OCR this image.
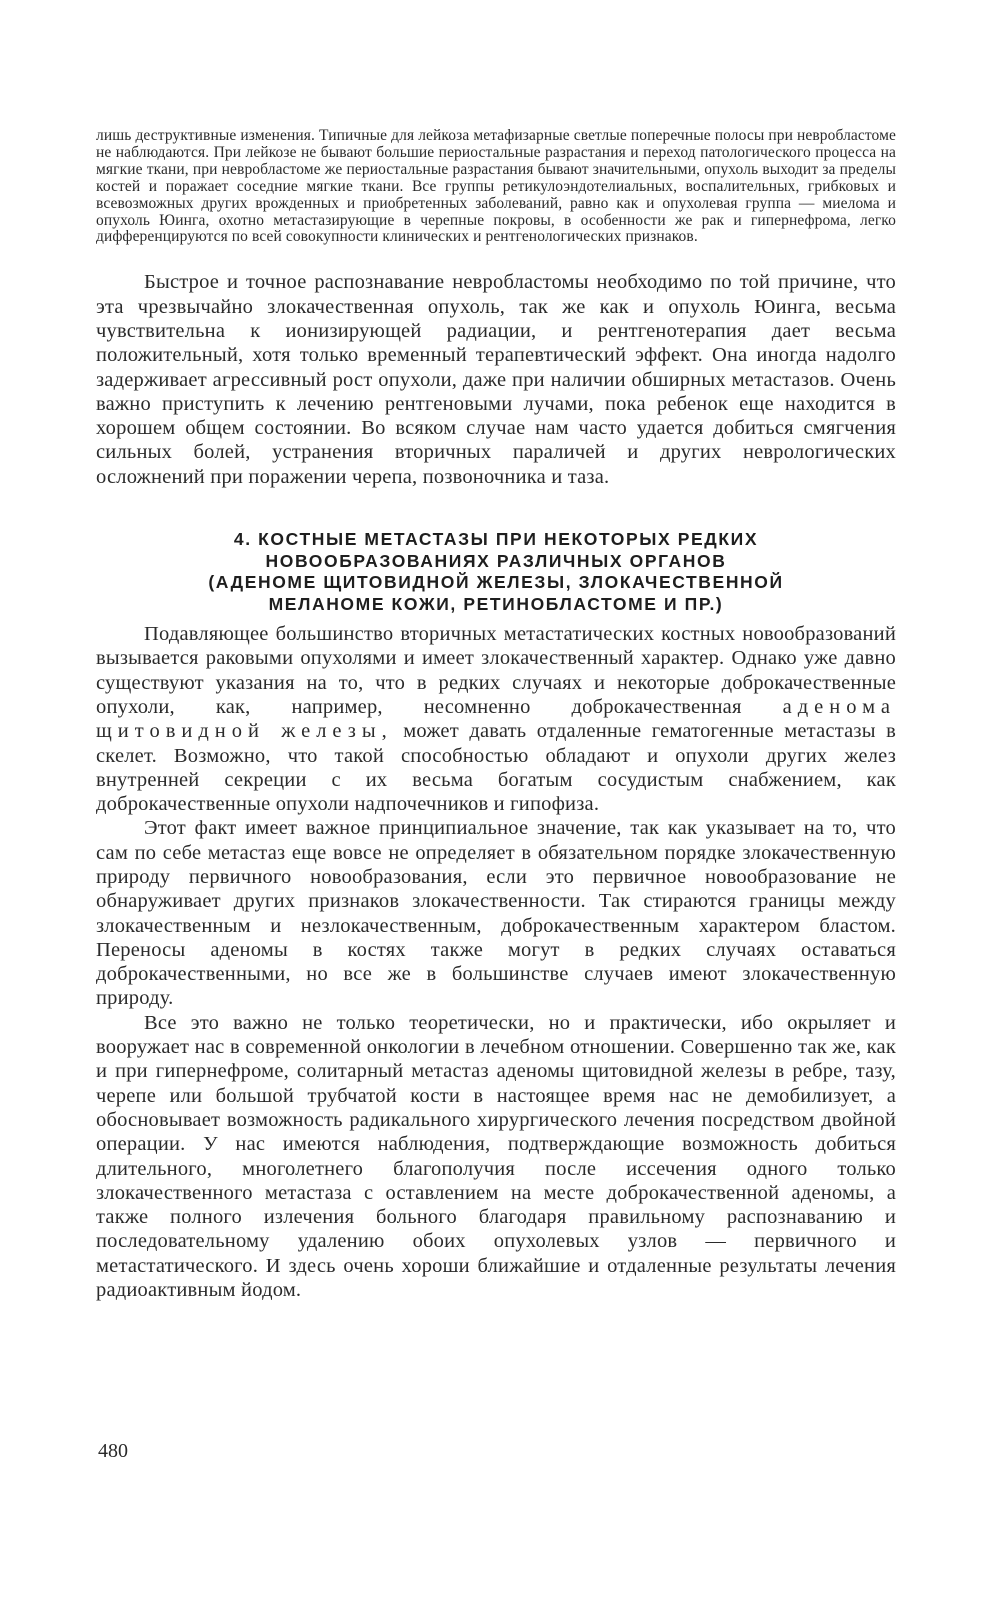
лишь деструктивные изменения. Типичные для лейкоза метафизарные светлые поперечные полосы при невробластоме не наблюдаются. При лейкозе не бывают большие периостальные разрастания и переход патологического процесса на мягкие ткани, при невробластоме же периостальные разрастания бывают значительными, опухоль выходит за пределы костей и поражает соседние мягкие ткани. Все группы ретикулоэндотелиальных, воспалительных, грибковых и всевозможных других врожденных и приобретенных заболеваний, равно как и опухолевая группа — миелома и опухоль Юинга, охотно метастазирующие в черепные покровы, в особенности же рак и гипернефрома, легко дифференцируются по всей совокупности клинических и рентгенологических признаков.

Быстрое и точное распознавание невробластомы необходимо по той причине, что эта чрезвычайно злокачественная опухоль, так же как и опухоль Юинга, весьма чувствительна к ионизирующей радиации, и рентгенотерапия дает весьма положительный, хотя только временный терапевтический эффект. Она иногда надолго задерживает агрессивный рост опухоли, даже при наличии обширных метастазов. Очень важно приступить к лечению рентгеновыми лучами, пока ребенок еще находится в хорошем общем состоянии. Во всяком случае нам часто удается добиться смягчения сильных болей, устранения вторичных параличей и других неврологических осложнений при поражении черепа, позвоночника и таза.

4. КОСТНЫЕ МЕТАСТАЗЫ ПРИ НЕКОТОРЫХ РЕДКИХ
НОВООБРАЗОВАНИЯХ РАЗЛИЧНЫХ ОРГАНОВ
(АДЕНОМЕ ЩИТОВИДНОЙ ЖЕЛЕЗЫ, ЗЛОКАЧЕСТВЕННОЙ
МЕЛАНОМЕ КОЖИ, РЕТИНОБЛАСТОМЕ И ПР.)

Подавляющее большинство вторичных метастатических костных новообразований вызывается раковыми опухолями и имеет злокачественный характер. Однако уже давно существуют указания на то, что в редких случаях и некоторые доброкачественные опухоли, как, например, несомненно доброкачественная аденома щитовидной железы, может давать отдаленные гематогенные метастазы в скелет. Возможно, что такой способностью обладают и опухоли других желез внутренней секреции с их весьма богатым сосудистым снабжением, как доброкачественные опухоли надпочечников и гипофиза.

Этот факт имеет важное принципиальное значение, так как указывает на то, что сам по себе метастаз еще вовсе не определяет в обязательном порядке злокачественную природу первичного новообразования, если это первичное новообразование не обнаруживает других признаков злокачественности. Так стираются границы между злокачественным и незлокачественным, доброкачественным характером бластом. Переносы аденомы в костях также могут в редких случаях оставаться доброкачественными, но все же в большинстве случаев имеют злокачественную природу.

Все это важно не только теоретически, но и практически, ибо окрыляет и вооружает нас в современной онкологии в лечебном отношении. Совершенно так же, как и при гипернефроме, солитарный метастаз аденомы щитовидной железы в ребре, тазу, черепе или большой трубчатой кости в настоящее время нас не демобилизует, а обосновывает возможность радикального хирургического лечения посредством двойной операции. У нас имеются наблюдения, подтверждающие возможность добиться длительного, многолетнего благополучия после иссечения одного только злокачественного метастаза с оставлением на месте доброкачественной аденомы, а также полного излечения больного благодаря правильному распознаванию и последовательному удалению обоих опухолевых узлов — первичного и метастатического. И здесь очень хороши ближайшие и отдаленные результаты лечения радиоактивным йодом.

480
